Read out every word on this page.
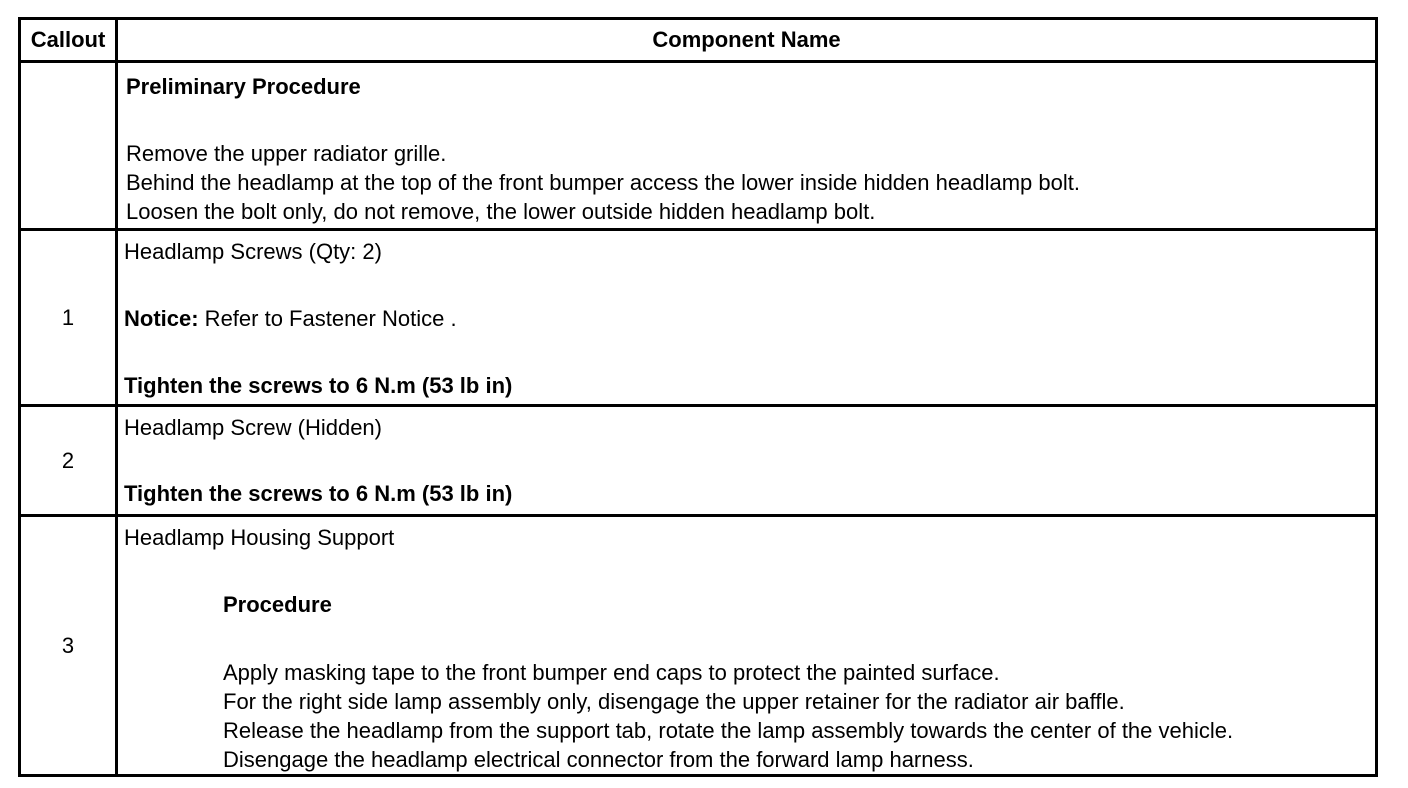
Callout	Component Name
Preliminary Procedure
Remove the upper radiator grille.
Behind the headlamp at the top of the front bumper access the lower inside hidden headlamp bolt.
Loosen the bolt only, do not remove, the lower outside hidden headlamp bolt.
1
Headlamp Screws (Qty: 2)
Notice: Refer to Fastener Notice .
Tighten the screws to 6 N.m (53 lb in)
2
Headlamp Screw (Hidden)
Tighten the screws to 6 N.m (53 lb in)
3
Headlamp Housing Support
Procedure
Apply masking tape to the front bumper end caps to protect the painted surface.
For the right side lamp assembly only, disengage the upper retainer for the radiator air baffle.
Release the headlamp from the support tab, rotate the lamp assembly towards the center of the vehicle.
Disengage the headlamp electrical connector from the forward lamp harness.
